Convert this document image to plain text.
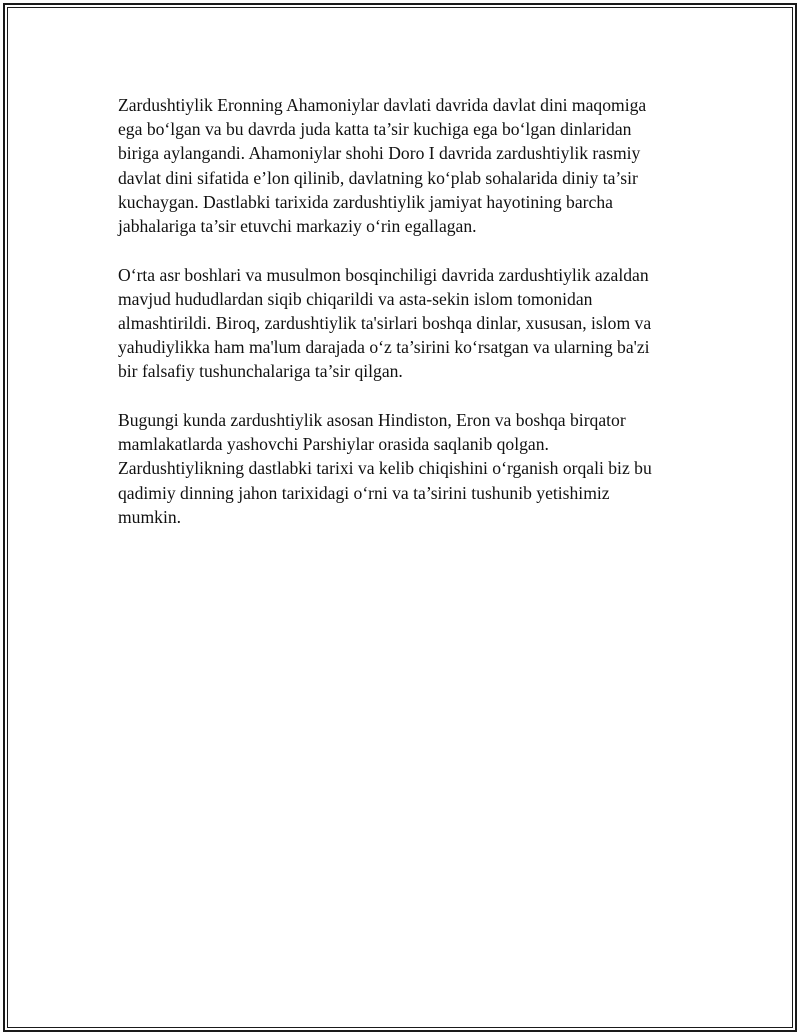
Zardushtiylik Eronning Ahamoniylar davlati davrida davlat dini maqomiga
ega bo‘lgan va bu davrda juda katta ta’sir kuchiga ega bo‘lgan dinlaridan
biriga aylangandi. Ahamoniylar shohi Doro I davrida zardushtiylik rasmiy
davlat dini sifatida e’lon qilinib, davlatning ko‘plab sohalarida diniy ta’sir
kuchaygan. Dastlabki tarixida zardushtiylik jamiyat hayotining barcha
jabhalariga ta’sir etuvchi markaziy o‘rin egallagan.

O‘rta asr boshlari va musulmon bosqinchiligi davrida zardushtiylik azaldan
mavjud hududlardan siqib chiqarildi va asta-sekin islom tomonidan
almashtirildi. Biroq, zardushtiylik ta'sirlari boshqa dinlar, xususan, islom va
yahudiylikka ham ma'lum darajada o‘z ta’sirini ko‘rsatgan va ularning ba'zi
bir falsafiy tushunchalariga ta’sir qilgan.

Bugungi kunda zardushtiylik asosan Hindiston, Eron va boshqa birqator
mamlakatlarda yashovchi Parshiylar orasida saqlanib qolgan.
Zardushtiylikning dastlabki tarixi va kelib chiqishini o‘rganish orqali biz bu
qadimiy dinning jahon tarixidagi o‘rni va ta’sirini tushunib yetishimiz
mumkin.
